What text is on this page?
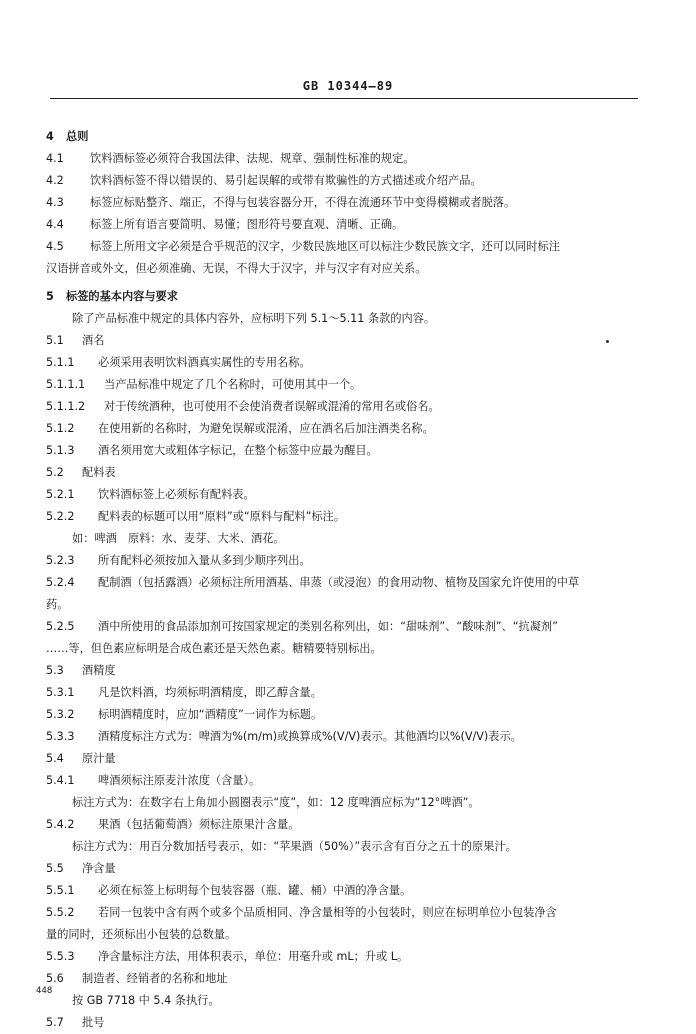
GB 10344—89
4 总则
4.1 饮料酒标签必须符合我国法律、法规、规章、强制性标准的规定。
4.2 饮料酒标签不得以错误的、易引起误解的或带有欺骗性的方式描述或介绍产品。
4.3 标签应标贴整齐、端正，不得与包装容器分开，不得在流通环节中变得模糊或者脱落。
4.4 标签上所有语言要简明、易懂；图形符号要直观、清晰、正确。
4.5 标签上所用文字必须是合乎规范的汉字，少数民族地区可以标注少数民族文字，还可以同时标注
汉语拼音或外文，但必须准确、无误，不得大于汉字，并与汉字有对应关系。
5 标签的基本内容与要求
除了产品标准中规定的具体内容外，应标明下列 5.1～5.11 条款的内容。
5.1 酒名
5.1.1 必须采用表明饮料酒真实属性的专用名称。
5.1.1.1 当产品标准中规定了几个名称时，可使用其中一个。
5.1.1.2 对于传统酒种，也可使用不会使消费者误解或混淆的常用名或俗名。
5.1.2 在使用新的名称时，为避免误解或混淆，应在酒名后加注酒类名称。
5.1.3 酒名须用宽大或粗体字标记，在整个标签中应最为醒目。
5.2 配料表
5.2.1 饮料酒标签上必须标有配料表。
5.2.2 配料表的标题可以用“原料”或“原料与配料”标注。
如：啤酒　原料：水、麦芽、大米、酒花。
5.2.3 所有配料必须按加入量从多到少顺序列出。
5.2.4 配制酒（包括露酒）必须标注所用酒基、串蒸（或浸泡）的食用动物、植物及国家允许使用的中草
药。
5.2.5 酒中所使用的食品添加剂可按国家规定的类别名称列出，如：“甜味剂”、“酸味剂”、“抗凝剂”
……等，但色素应标明是合成色素还是天然色素。糖精要特别标出。
5.3 酒精度
5.3.1 凡是饮料酒，均须标明酒精度，即乙醇含量。
5.3.2 标明酒精度时，应加“酒精度”一词作为标题。
5.3.3 酒精度标注方式为：啤酒为%(m/m)或换算成%(V/V)表示。其他酒均以%(V/V)表示。
5.4 原汁量
5.4.1 啤酒须标注原麦汁浓度（含量）。
标注方式为：在数字右上角加小圆圈表示“度”，如：12 度啤酒应标为“12°啤酒”。
5.4.2 果酒（包括葡萄酒）须标注原果汁含量。
标注方式为：用百分数加括号表示，如：“苹果酒（50%）”表示含有百分之五十的原果汁。
5.5 净含量
5.5.1 必须在标签上标明每个包装容器（瓶、罐、桶）中酒的净含量。
5.5.2 若同一包装中含有两个或多个品质相同、净含量相等的小包装时，则应在标明单位小包装净含
量的同时，还须标出小包装的总数量。
5.5.3 净含量标注方法，用体积表示，单位：用毫升或 mL；升或 L。
5.6 制造者、经销者的名称和地址
按 GB 7718 中 5.4 条执行。
5.7 批号
448
